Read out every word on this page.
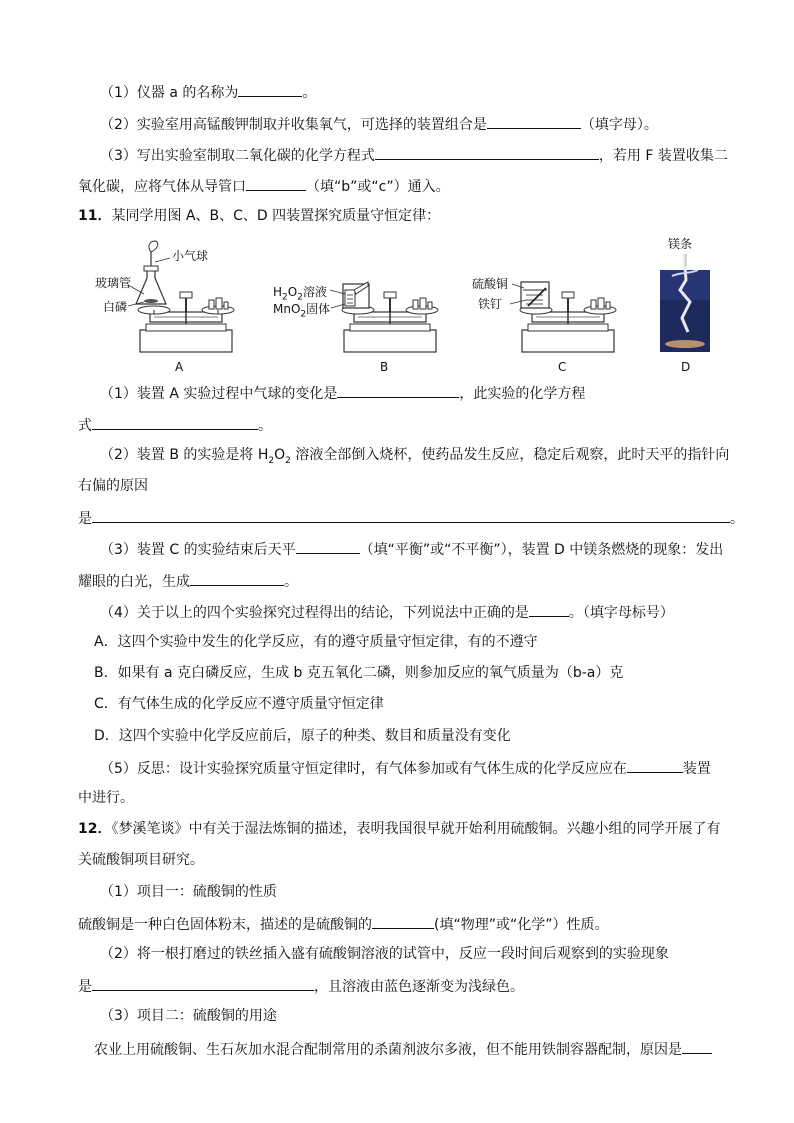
（1）仪器 a 的名称为	。
（2）实验室用高锰酸钾制取并收集氧气，可选择的装置组合是	（填字母）。
（3）写出实验室制取二氧化碳的化学方程式	，若用 F 装置收集二
氧化碳，应将气体从导管口	（填“b”或“c”）通入。
11．某同学用图 A、B、C、D 四装置探究质量守恒定律：
小气球
玻璃管
白磷
$H_2O_2$溶液
MnO$_2$固体
硫酸铜
铁钉
镁条
A	B	C	D
（1）装置 A 实验过程中气球的变化是	，此实验的化学方程
式	。
（2）装置 B 的实验是将 $H_2O_2$ 溶液全部倒入烧杯，使药品发生反应，稳定后观察，此时天平的指针向
右偏的原因
是	。
（3）装置 C 的实验结束后天平	（填“平衡”或“不平衡”），装置 D 中镁条燃烧的现象：发出
耀眼的白光，生成	。
（4）关于以上的四个实验探究过程得出的结论，下列说法中正确的是	。（填字母标号）
A．这四个实验中发生的化学反应，有的遵守质量守恒定律，有的不遵守
B．如果有 a 克白磷反应，生成 b 克五氧化二磷，则参加反应的氧气质量为（b-a）克
C．有气体生成的化学反应不遵守质量守恒定律
D．这四个实验中化学反应前后，原子的种类、数目和质量没有变化
（5）反思：设计实验探究质量守恒定律时，有气体参加或有气体生成的化学反应应在	装置
中进行。
12．《梦溪笔谈》中有关于湿法炼铜的描述，表明我国很早就开始利用硫酸铜。兴趣小组的同学开展了有
关硫酸铜项目研究。
（1）项目一：硫酸铜的性质
硫酸铜是一种白色固体粉末，描述的是硫酸铜的	(填“物理”或“化学”）性质。
（2）将一根打磨过的铁丝插入盛有硫酸铜溶液的试管中，反应一段时间后观察到的实验现象
是	，且溶液由蓝色逐渐变为浅绿色。
（3）项目二：硫酸铜的用途
农业上用硫酸铜、生石灰加水混合配制常用的杀菌剂波尔多液，但不能用铁制容器配制，原因是
